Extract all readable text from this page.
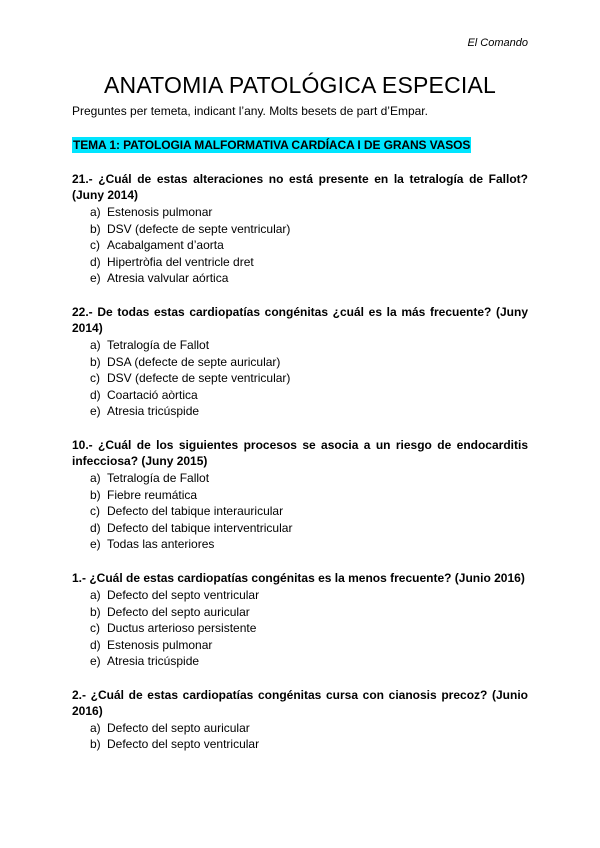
El Comando
ANATOMIA PATOLÓGICA ESPECIAL
Preguntes per temeta, indicant l’any. Molts besets de part d’Empar.
TEMA 1: PATOLOGIA MALFORMATIVA CARDÍACA I DE GRANS VASOS
21.- ¿Cuál de estas alteraciones no está presente en la tetralogía de Fallot? (Juny 2014)
a) Estenosis pulmonar
b) DSV (defecte de septe ventricular)
c) Acabalgament d’aorta
d) Hipertròfia del ventricle dret
e) Atresia valvular aórtica
22.- De todas estas cardiopatías congénitas ¿cuál es la más frecuente? (Juny 2014)
a) Tetralogía de Fallot
b) DSA (defecte de septe auricular)
c) DSV (defecte de septe ventricular)
d) Coartació aòrtica
e) Atresia tricúspide
10.- ¿Cuál de los siguientes procesos se asocia a un riesgo de endocarditis infecciosa? (Juny 2015)
a) Tetralogía de Fallot
b) Fiebre reumática
c) Defecto del tabique interauricular
d) Defecto del tabique interventricular
e) Todas las anteriores
1.- ¿Cuál de estas cardiopatías congénitas es la menos frecuente? (Junio 2016)
a) Defecto del septo ventricular
b) Defecto del septo auricular
c) Ductus arterioso persistente
d) Estenosis pulmonar
e) Atresia tricúspide
2.- ¿Cuál de estas cardiopatías congénitas cursa con cianosis precoz? (Junio 2016)
a) Defecto del septo auricular
b) Defecto del septo ventricular
